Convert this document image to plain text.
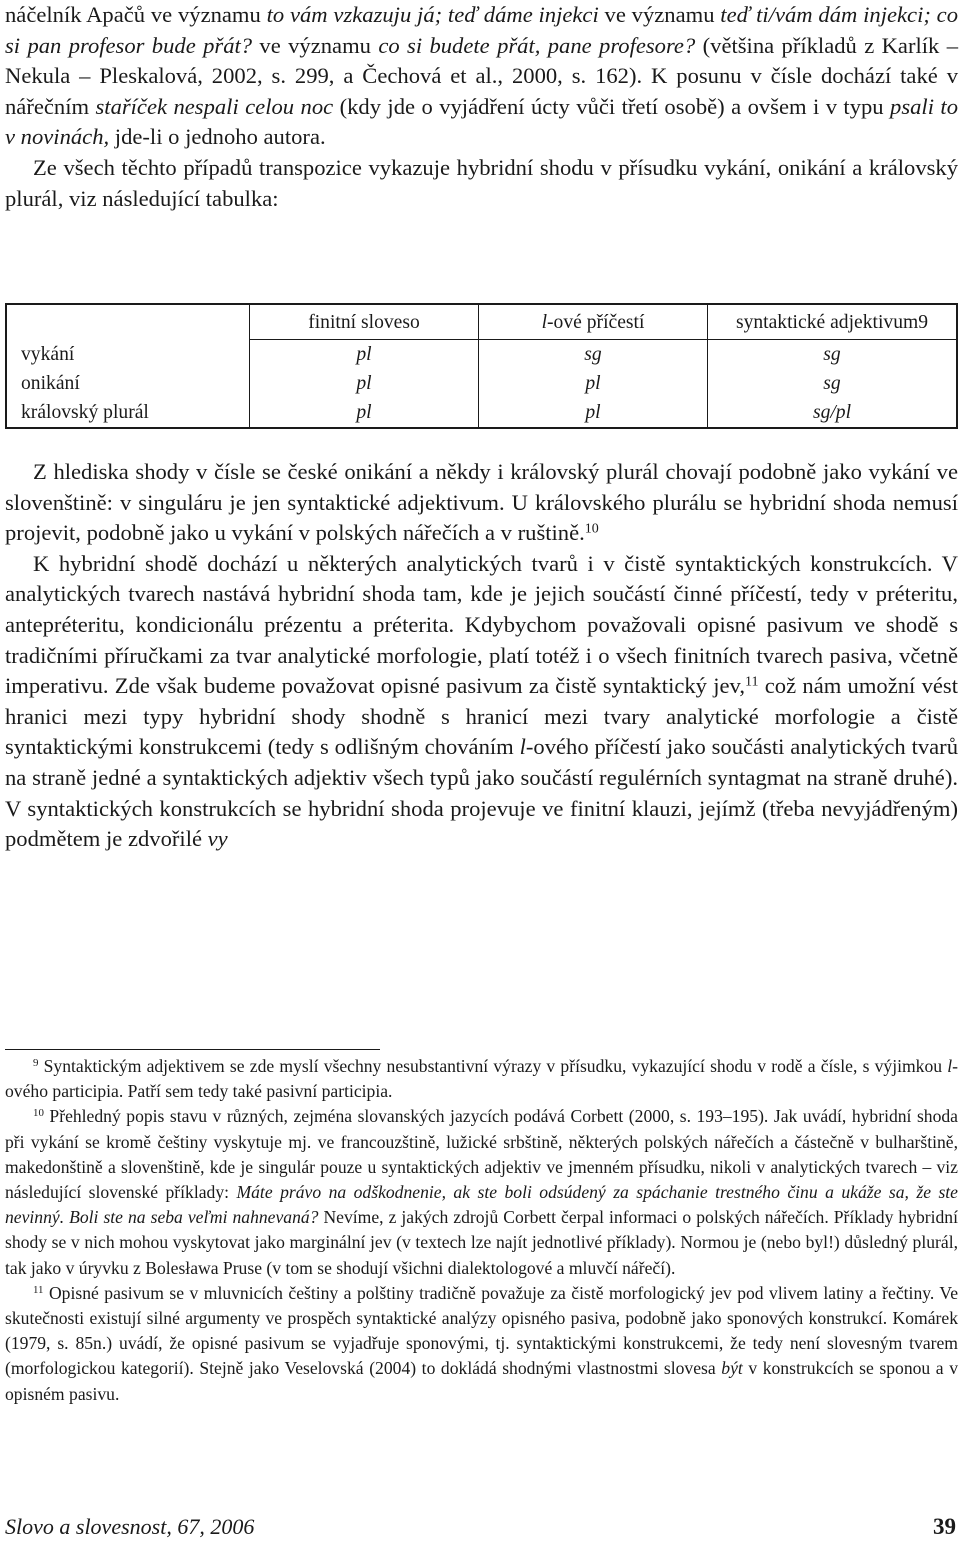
náčelník Apačů ve významu to vám vzkazuju já; teď dáme injekci ve významu teď ti/vám dám injekci; co si pan profesor bude přát? ve významu co si budete přát, pane profesore? (většina příkladů z Karlík – Nekula – Pleskalová, 2002, s. 299, a Čechová et al., 2000, s. 162). K posunu v čísle dochází také v nářečním staříček nespali celou noc (kdy jde o vyjádření úcty vůči třetí osobě) a ovšem i v typu psali to v novinách, jde-li o jednoho autora.

Ze všech těchto případů transpozice vykazuje hybridní shodu v přísudku vykání, onikání a královský plurál, viz následující tabulka:

	finitní sloveso	l-ové příčestí	syntaktické adjektivum9
vykání	pl	sg	sg
onikání	pl	pl	sg
královský plurál	pl	pl	sg/pl

Z hlediska shody v čísle se české onikání a někdy i královský plurál chovají podobně jako vykání ve slovenštině: v singuláru je jen syntaktické adjektivum. U královského plurálu se hybridní shoda nemusí projevit, podobně jako u vykání v polských nářečích a v ruštině.$^{10}$

K hybridní shodě dochází u některých analytických tvarů i v čistě syntaktických konstrukcích. V analytických tvarech nastává hybridní shoda tam, kde je jejich součástí činné příčestí, tedy v préteritu, antepréteritu, kondicionálu prézentu a préterita. Kdybychom považovali opisné pasivum ve shodě s tradičními příručkami za tvar analytické morfologie, platí totéž i o všech finitních tvarech pasiva, včetně imperativu. Zde však budeme považovat opisné pasivum za čistě syntaktický jev,$^{11}$ což nám umožní vést hranici mezi typy hybridní shody shodně s hranicí mezi tvary analytické morfologie a čistě syntaktickými konstrukcemi (tedy s odlišným chováním l-ového příčestí jako součásti analytických tvarů na straně jedné a syntaktických adjektiv všech typů jako součástí regulérních syntagmat na straně druhé). V syntaktických konstrukcích se hybridní shoda projevuje ve finitní klauzi, jejímž (třeba nevyjádřeným) podmětem je zdvořilé vy

$^9$ Syntaktickým adjektivem se zde myslí všechny nesubstantivní výrazy v přísudku, vykazující shodu v rodě a čísle, s výjimkou l-ového participia. Patří sem tedy také pasivní participia.

$^{10}$ Přehledný popis stavu v různých, zejména slovanských jazycích podává Corbett (2000, s. 193–195). Jak uvádí, hybridní shoda při vykání se kromě češtiny vyskytuje mj. ve francouzštině, lužické srbštině, některých polských nářečích a částečně v bulharštině, makedonštině a slovenštině, kde je singulár pouze u syntaktických adjektiv ve jmenném přísudku, nikoli v analytických tvarech – viz následující slovenské příklady: Máte právo na odškodnenie, ak ste boli odsúdený za spáchanie trestného činu a ukáže sa, že ste nevinný. Boli ste na seba veľmi nahnevaná? Nevíme, z jakých zdrojů Corbett čerpal informaci o polských nářečích. Příklady hybridní shody se v nich mohou vyskytovat jako marginální jev (v textech lze najít jednotlivé příklady). Normou je (nebo byl!) důsledný plurál, tak jako v úryvku z Bolesława Pruse (v tom se shodují všichni dialektologové a mluvčí nářečí).

$^{11}$ Opisné pasivum se v mluvnicích češtiny a polštiny tradičně považuje za čistě morfologický jev pod vlivem latiny a řečtiny. Ve skutečnosti existují silné argumenty ve prospěch syntaktické analýzy opisného pasiva, podobně jako sponových konstrukcí. Komárek (1979, s. 85n.) uvádí, že opisné pasivum se vyjadřuje sponovými, tj. syntaktickými konstrukcemi, že tedy není slovesným tvarem (morfologickou kategorií). Stejně jako Veselovská (2004) to dokládá shodnými vlastnostmi slovesa být v konstrukcích se sponou a v opisném pasivu.

Slovo a slovesnost, 67, 2006	39
